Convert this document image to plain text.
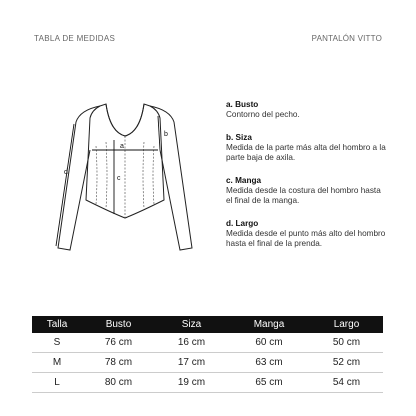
TABLA DE MEDIDAS	PANTALÓN VITTO
a
b
c
d
a. Busto
Contorno del pecho.
b. Siza
Medida de la parte más alta del hombro a la parte baja de axila.
c. Manga
Medida desde la costura del hombro hasta el final de la manga.
d. Largo
Medida desde el punto más alto del hombro hasta el final de la prenda.
Talla	Busto	Siza	Manga	Largo
S	76 cm	16 cm	60 cm	50 cm
M	78 cm	17 cm	63 cm	52 cm
L	80 cm	19 cm	65 cm	54 cm
